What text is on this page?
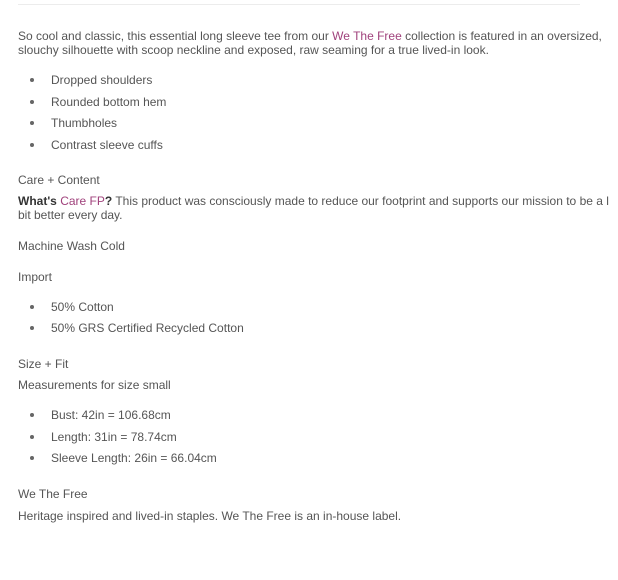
So cool and classic, this essential long sleeve tee from our We The Free collection is featured in an oversized,
slouchy silhouette with scoop neckline and exposed, raw seaming for a true lived-in look.
Dropped shoulders
Rounded bottom hem
Thumbholes
Contrast sleeve cuffs
Care + Content
What's Care FP? This product was consciously made to reduce our footprint and supports our mission to be a l
bit better every day.
Machine Wash Cold
Import
50% Cotton
50% GRS Certified Recycled Cotton
Size + Fit
Measurements for size small
Bust: 42in = 106.68cm
Length: 31in = 78.74cm
Sleeve Length: 26in = 66.04cm
We The Free
Heritage inspired and lived-in staples. We The Free is an in-house label.
